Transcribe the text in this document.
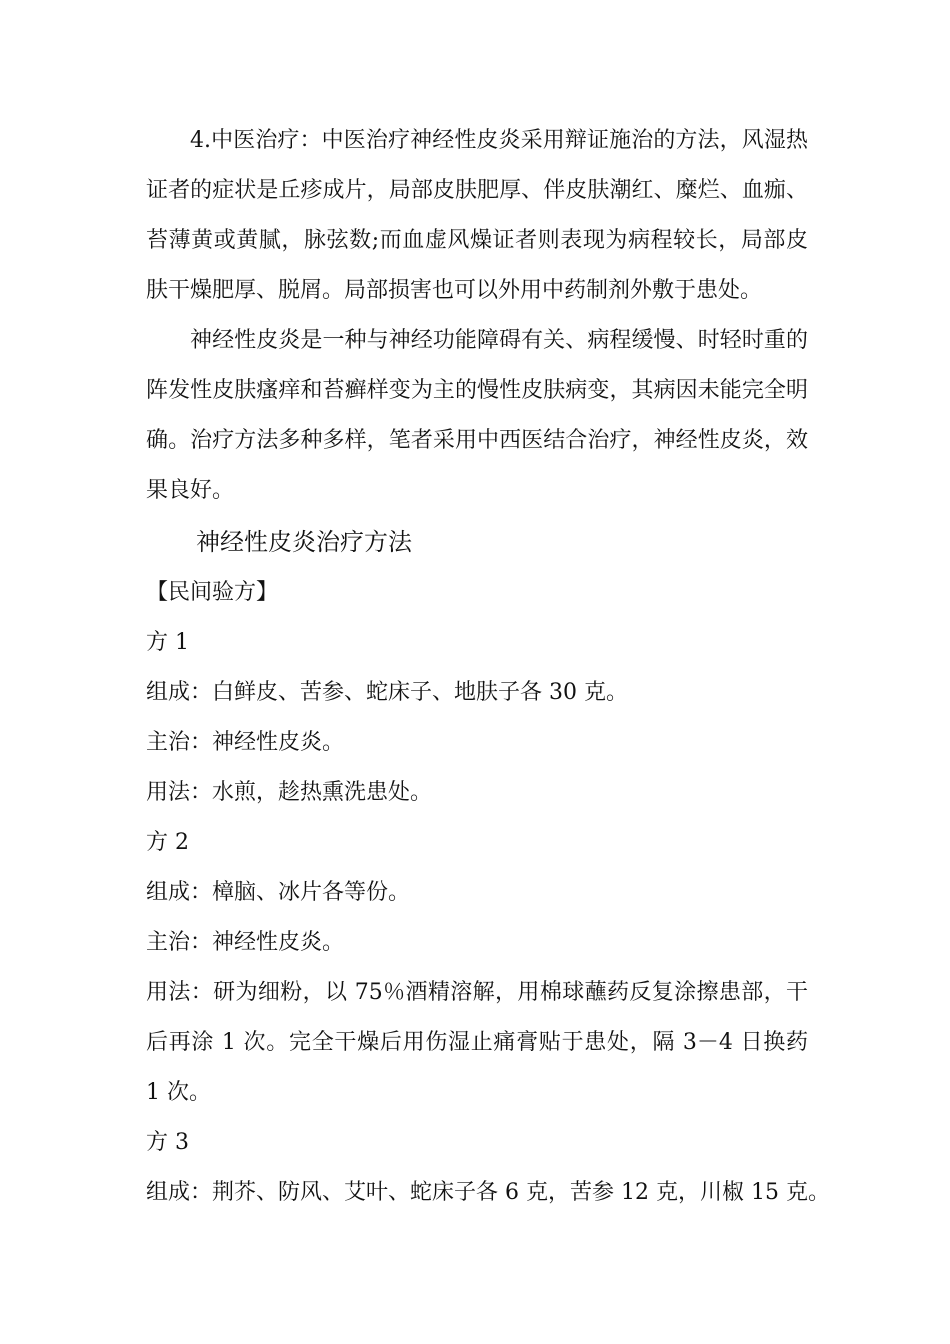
4.中医治疗：中医治疗神经性皮炎采用辩证施治的方法，风湿热证者的症状是丘疹成片，局部皮肤肥厚、伴皮肤潮红、糜烂、血痂、苔薄黄或黄腻，脉弦数;而血虚风燥证者则表现为病程较长，局部皮肤干燥肥厚、脱屑。局部损害也可以外用中药制剂外敷于患处。

神经性皮炎是一种与神经功能障碍有关、病程缓慢、时轻时重的阵发性皮肤瘙痒和苔癣样变为主的慢性皮肤病变，其病因未能完全明确。治疗方法多种多样，笔者采用中西医结合治疗，神经性皮炎，效果良好。

神经性皮炎治疗方法

【民间验方】

方 1

组成：白鲜皮、苦参、蛇床子、地肤子各 30 克。

主治：神经性皮炎。

用法：水煎，趁热熏洗患处。

方 2

组成：樟脑、冰片各等份。

主治：神经性皮炎。

用法：研为细粉，以 75％酒精溶解，用棉球蘸药反复涂擦患部，干后再涂 1 次。完全干燥后用伤湿止痛膏贴于患处，隔 3－4 日换药 1 次。

方 3

组成：荆芥、防风、艾叶、蛇床子各 6 克，苦参 12 克，川椒 15 克。
